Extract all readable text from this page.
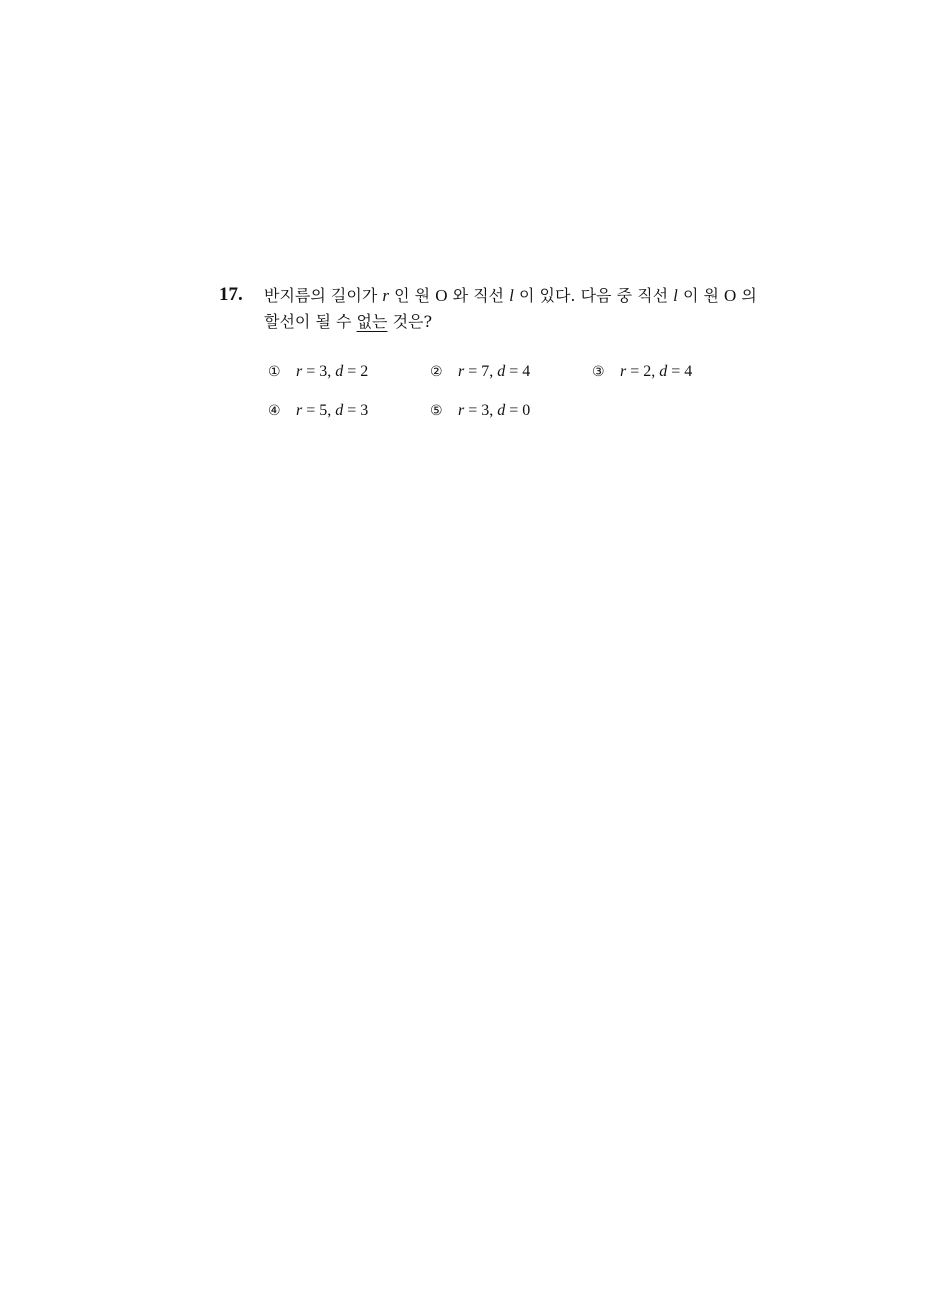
17. 반지름의 길이가 r 인 원 O 와 직선 l 이 있다. 다음 중 직선 l 이 원 O 의
할선이 될 수 없는 것은?
① r = 3, d = 2	② r = 7, d = 4	③ r = 2, d = 4
④ r = 5, d = 3	⑤ r = 3, d = 0
